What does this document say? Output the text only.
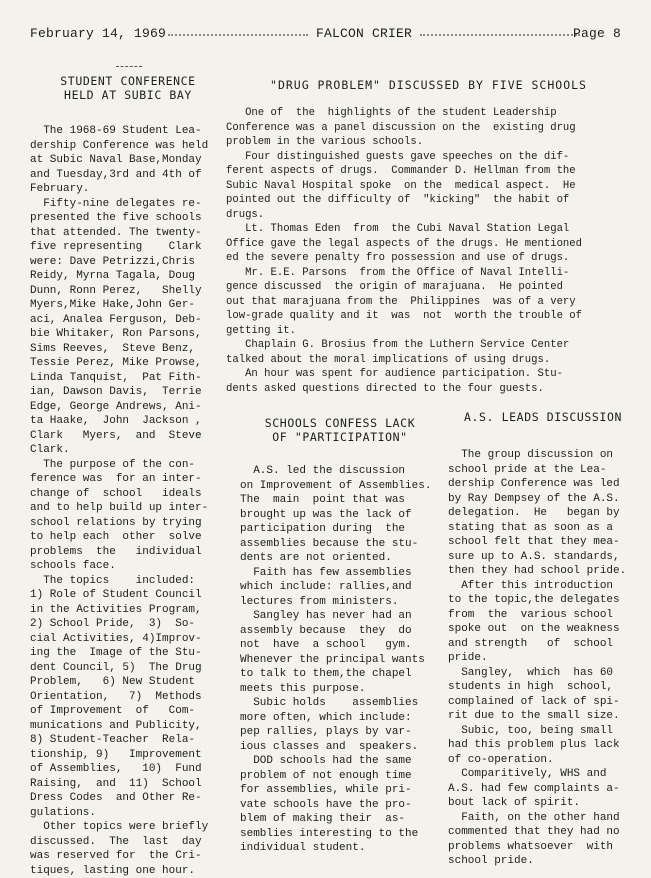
February 14, 1969	FALCON CRIER	Page 8
STUDENT CONFERENCE
HELD AT SUBIC BAY
The 1968-69 Student Lea-
dership Conference was held
at Subic Naval Base,Monday
and Tuesday,3rd and 4th of
February.
Fifty-nine delegates re-
presented the five schools
that attended. The twenty-
five representing    Clark
were: Dave Petrizzi,Chris
Reidy, Myrna Tagala, Doug
Dunn, Ronn Perez,   Shelly
Myers,Mike Hake,John Ger-
aci, Analea Ferguson, Deb-
bie Whitaker, Ron Parsons,
Sims Reeves,  Steve Benz,
Tessie Perez, Mike Prowse,
Linda Tanquist,  Pat Fith-
ian, Dawson Davis,  Terrie
Edge, George Andrews, Ani-
ta Haake,  John  Jackson ,
Clark   Myers,  and  Steve
Clark.
The purpose of the con-
ference was  for an inter-
change of  school   ideals
and to help build up inter-
school relations by trying
to help each  other  solve
problems  the   individual
schools face.
The topics    included:
1) Role of Student Council
in the Activities Program,
2) School Pride,  3)  So-
cial Activities, 4)Improv-
ing the  Image of the Stu-
dent Council, 5)  The Drug
Problem,   6) New Student
Orientation,   7)  Methods
of Improvement  of   Com-
munications and Publicity,
8) Student-Teacher  Rela-
tionship, 9)   Improvement
of Assemblies,   10)  Fund
Raising,  and  11)  School
Dress Codes  and Other Re-
gulations.
Other topics were briefly
discussed.  The  last  day
was reserved for  the Cri-
tiques, lasting one hour.
"DRUG PROBLEM" DISCUSSED BY FIVE SCHOOLS
One of  the  highlights of the student Leadership
Conference was a panel discussion on the  existing drug
problem in the various schools.
Four distinguished guests gave speeches on the dif-
ferent aspects of drugs.  Commander D. Hellman from the
Subic Naval Hospital spoke  on the  medical aspect.  He
pointed out the difficulty of  "kicking"  the habit of
drugs.
Lt. Thomas Eden  from  the Cubi Naval Station Legal
Office gave the legal aspects of the drugs. He mentioned
ed the severe penalty fro possession and use of drugs.
Mr. E.E. Parsons  from the Office of Naval Intelli-
gence discussed  the origin of marajuana.  He pointed
out that marajuana from the  Philippines  was of a very
low-grade quality and it  was  not  worth the trouble of
getting it.
Chaplain G. Brosius from the Luthern Service Center
talked about the moral implications of using drugs.
An hour was spent for audience participation. Stu-
dents asked questions directed to the four guests.
SCHOOLS CONFESS LACK
OF "PARTICIPATION"
A.S. led the discussion
on Improvement of Assemblies.
The  main  point that was
brought up was the lack of
participation during  the
assemblies because the stu-
dents are not oriented.
Faith has few assemblies
which include: rallies,and
lectures from ministers.
Sangley has never had an
assembly because  they  do
not  have  a school   gym.
Whenever the principal wants
to talk to them,the chapel
meets this purpose.
Subic holds    assemblies
more often, which include:
pep rallies, plays by var-
ious classes and  speakers.
DOD schools had the same
problem of not enough time
for assemblies, while pri-
vate schools have the pro-
blem of making their  as-
semblies interesting to the
individual student.
A.S. LEADS DISCUSSION
The group discussion on
school pride at the Lea-
dership Conference was led
by Ray Dempsey of the A.S.
delegation.  He   began by
stating that as soon as a
school felt that they mea-
sure up to A.S. standards,
then they had school pride.
After this introduction
to the topic,the delegates
from  the  various school
spoke out  on the weakness
and strength   of  school
pride.
Sangley,  which  has 60
students in high  school,
complained of lack of spi-
rit due to the small size.
Subic, too, being small
had this problem plus lack
of co-operation.
Comparitively, WHS and
A.S. had few complaints a-
bout lack of spirit.
Faith, on the other hand
commented that they had no
problems whatsoever  with
school pride.
